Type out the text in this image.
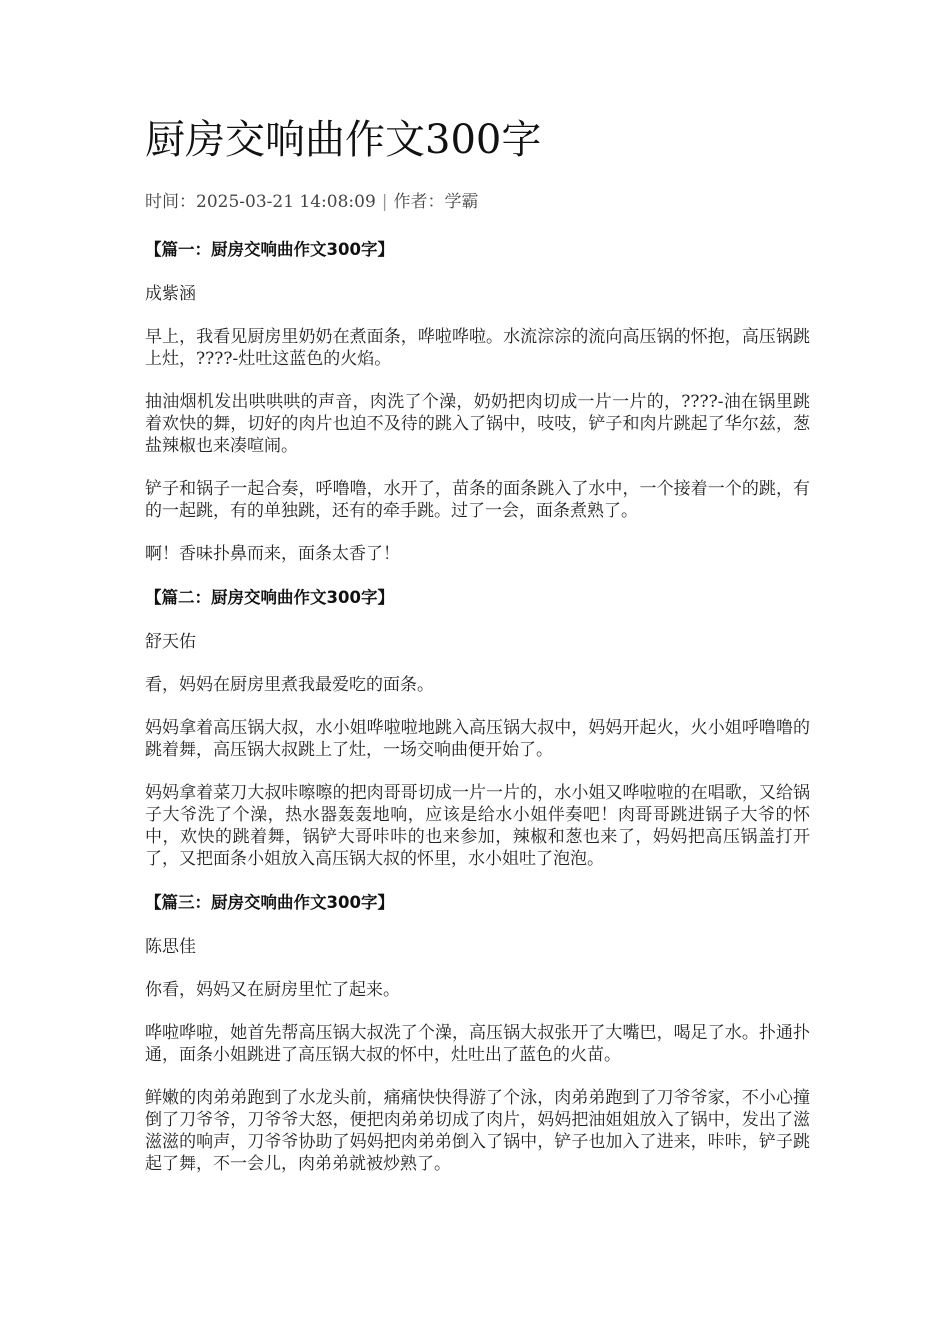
厨房交响曲作文300字
时间：2025-03-21 14:08:09 | 作者：学霸
【篇一：厨房交响曲作文300字】

成紫涵

早上，我看见厨房里奶奶在煮面条，哗啦哗啦。水流淙淙的流向高压锅的怀抱，高压锅跳上灶，????-灶吐这蓝色的火焰。

抽油烟机发出哄哄哄的声音，肉洗了个澡，奶奶把肉切成一片一片的，????-油在锅里跳着欢快的舞，切好的肉片也迫不及待的跳入了锅中，吱吱，铲子和肉片跳起了华尔兹，葱盐辣椒也来凑喧闹。

铲子和锅子一起合奏，呼噜噜，水开了，苗条的面条跳入了水中，一个接着一个的跳，有的一起跳，有的单独跳，还有的牵手跳。过了一会，面条煮熟了。

啊！香味扑鼻而来，面条太香了！

【篇二：厨房交响曲作文300字】

舒天佑

看，妈妈在厨房里煮我最爱吃的面条。

妈妈拿着高压锅大叔，水小姐哗啦啦地跳入高压锅大叔中，妈妈开起火，火小姐呼噜噜的跳着舞，高压锅大叔跳上了灶，一场交响曲便开始了。

妈妈拿着菜刀大叔咔嚓嚓的把肉哥哥切成一片一片的，水小姐又哗啦啦的在唱歌，又给锅子大爷洗了个澡，热水器轰轰地响，应该是给水小姐伴奏吧！肉哥哥跳进锅子大爷的怀中，欢快的跳着舞，锅铲大哥咔咔的也来参加，辣椒和葱也来了，妈妈把高压锅盖打开了，又把面条小姐放入高压锅大叔的怀里，水小姐吐了泡泡。

【篇三：厨房交响曲作文300字】

陈思佳

你看，妈妈又在厨房里忙了起来。

哗啦哗啦，她首先帮高压锅大叔洗了个澡，高压锅大叔张开了大嘴巴，喝足了水。扑通扑通，面条小姐跳进了高压锅大叔的怀中，灶吐出了蓝色的火苗。

鲜嫩的肉弟弟跑到了水龙头前，痛痛快快得游了个泳，肉弟弟跑到了刀爷爷家，不小心撞倒了刀爷爷，刀爷爷大怒，便把肉弟弟切成了肉片，妈妈把油姐姐放入了锅中，发出了滋滋滋的响声，刀爷爷协助了妈妈把肉弟弟倒入了锅中，铲子也加入了进来，咔咔，铲子跳起了舞，不一会儿，肉弟弟就被炒熟了。
